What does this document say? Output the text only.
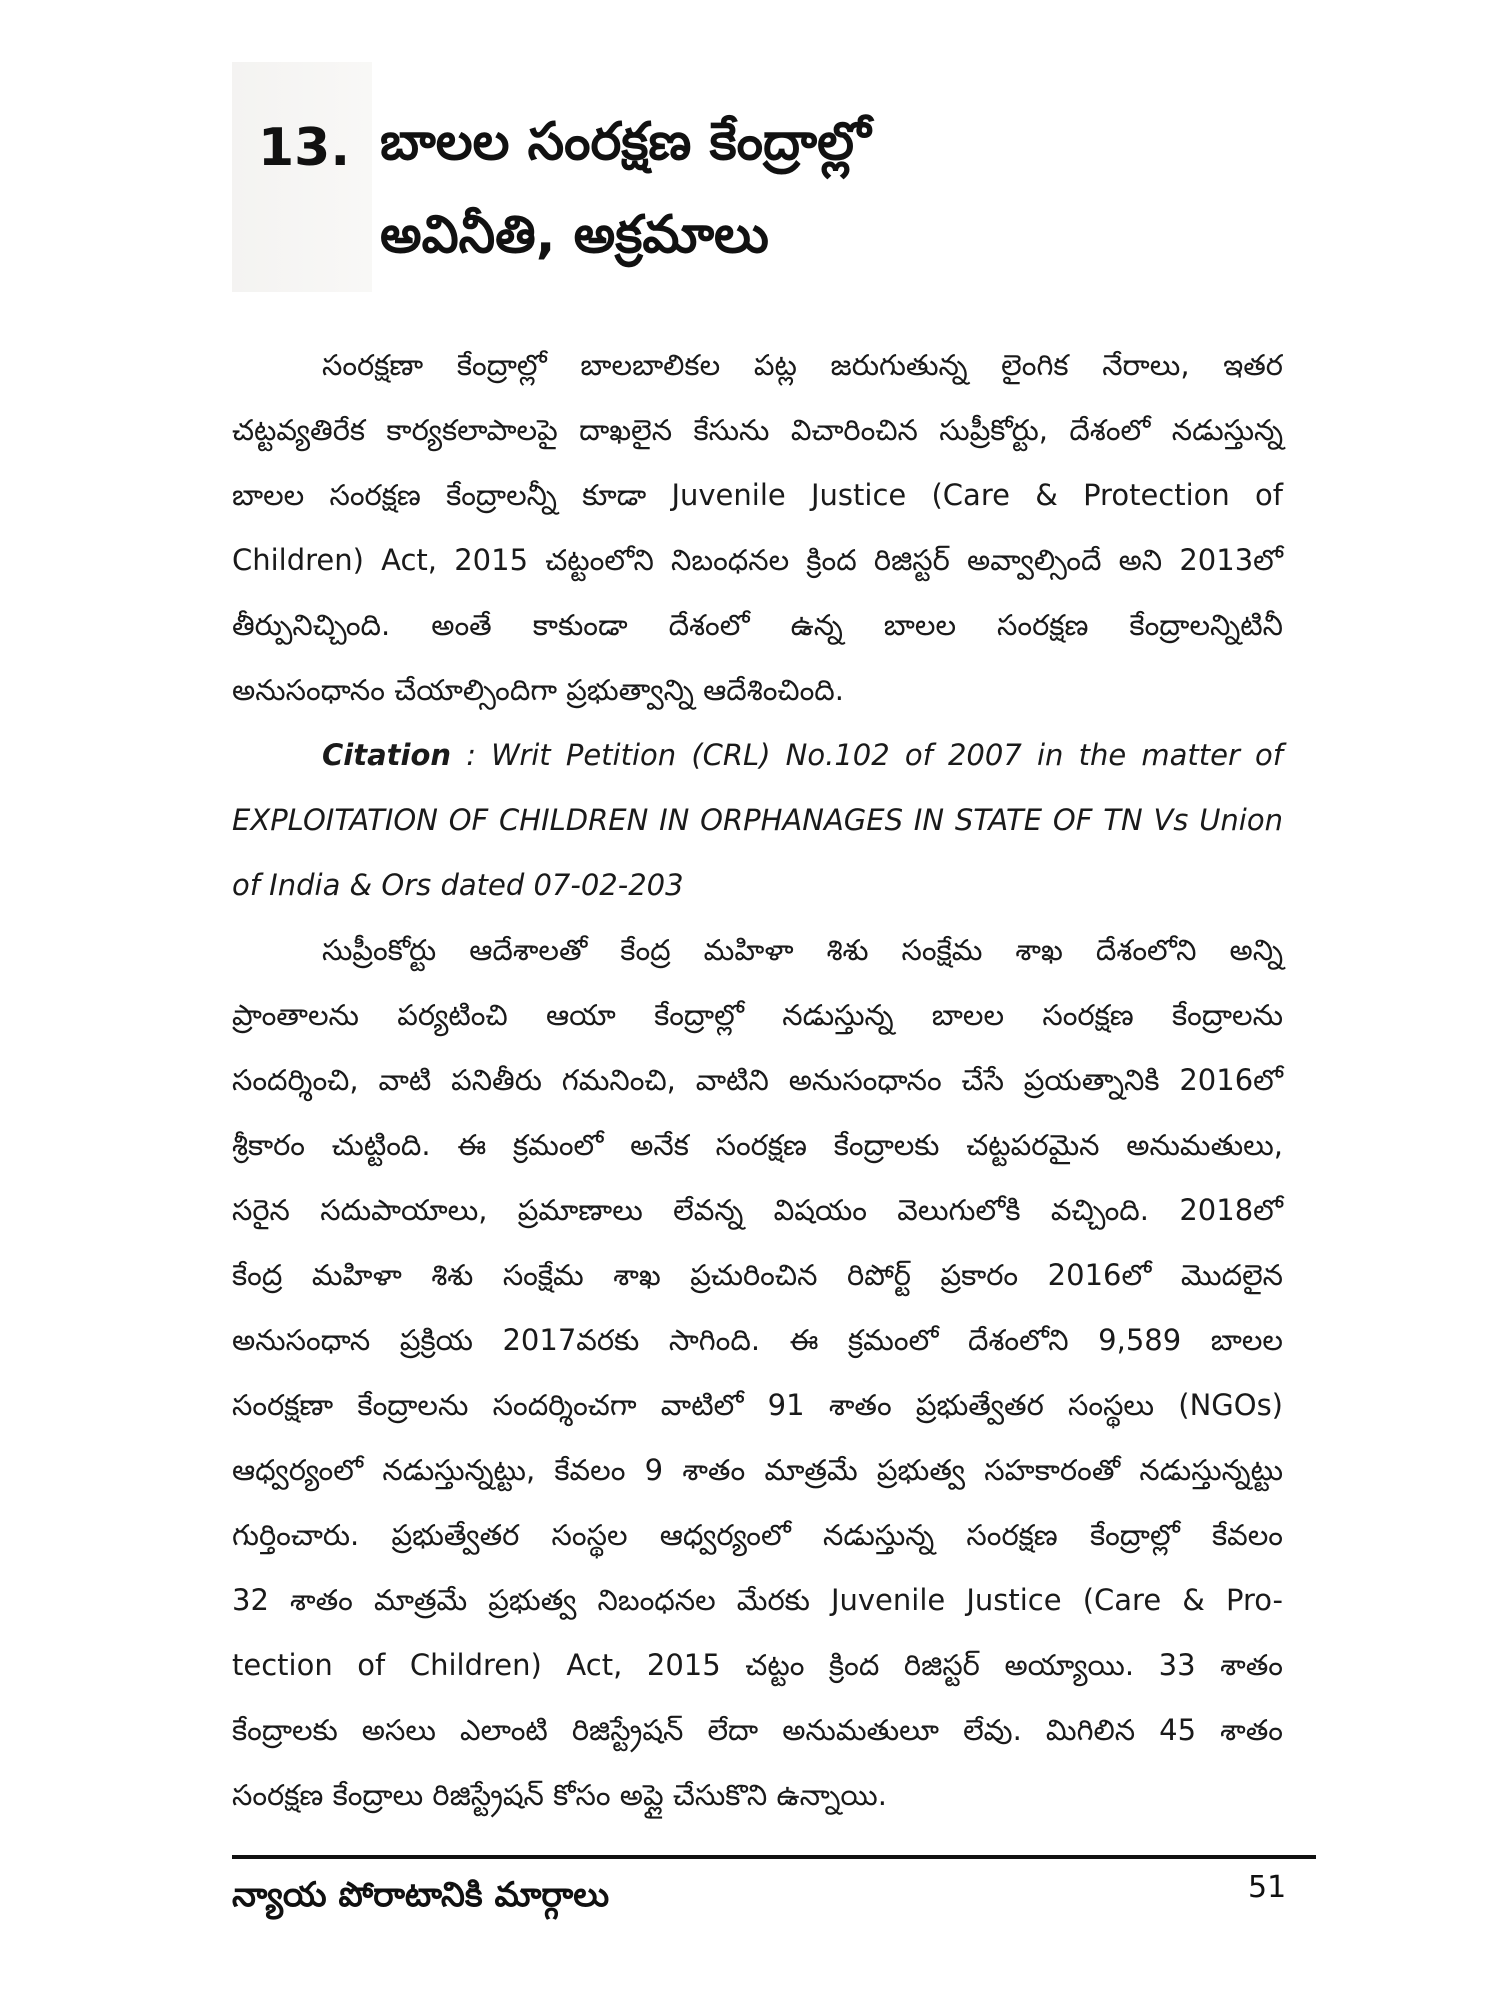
13. బాలల సంరక్షణ కేంద్రాల్లో
అవినీతి, అక్రమాలు
సంరక్షణా కేంద్రాల్లో బాలబాలికల పట్ల జరుగుతున్న లైంగిక నేరాలు, ఇతర
చట్టవ్యతిరేక కార్యకలాపాలపై దాఖలైన కేసును విచారించిన సుప్రీకోర్టు, దేశంలో నడుస్తున్న
బాలల సంరక్షణ కేంద్రాలన్నీ కూడా Juvenile Justice (Care & Protection of
Children) Act, 2015 చట్టంలోని నిబంధనల క్రింద రిజిస్టర్ అవ్వాల్సిందే అని 2013లో
తీర్పునిచ్చింది. అంతే కాకుండా దేశంలో ఉన్న బాలల సంరక్షణ కేంద్రాలన్నిటినీ
అనుసంధానం చేయాల్సిందిగా ప్రభుత్వాన్ని ఆదేశించింది.
Citation : Writ Petition (CRL) No.102 of 2007 in the matter of
EXPLOITATION OF CHILDREN IN ORPHANAGES IN STATE OF TN Vs Union
of India & Ors dated 07-02-203
సుప్రీంకోర్టు ఆదేశాలతో కేంద్ర మహిళా శిశు సంక్షేమ శాఖ దేశంలోని అన్ని
ప్రాంతాలను పర్యటించి ఆయా కేంద్రాల్లో నడుస్తున్న బాలల సంరక్షణ కేంద్రాలను
సందర్శించి, వాటి పనితీరు గమనించి, వాటిని అనుసంధానం చేసే ప్రయత్నానికి 2016లో
శ్రీకారం చుట్టింది. ఈ క్రమంలో అనేక సంరక్షణ కేంద్రాలకు చట్టపరమైన అనుమతులు,
సరైన సదుపాయాలు, ప్రమాణాలు లేవన్న విషయం వెలుగులోకి వచ్చింది. 2018లో
కేంద్ర మహిళా శిశు సంక్షేమ శాఖ ప్రచురించిన రిపోర్ట్ ప్రకారం 2016లో మొదలైన
అనుసంధాన ప్రక్రియ 2017వరకు సాగింది. ఈ క్రమంలో దేశంలోని 9,589 బాలల
సంరక్షణా కేంద్రాలను సందర్శించగా వాటిలో 91 శాతం ప్రభుత్వేతర సంస్థలు (NGOs)
ఆధ్వర్యంలో నడుస్తున్నట్టు, కేవలం 9 శాతం మాత్రమే ప్రభుత్వ సహకారంతో నడుస్తున్నట్టు
గుర్తించారు. ప్రభుత్వేతర సంస్థల ఆధ్వర్యంలో నడుస్తున్న సంరక్షణ కేంద్రాల్లో కేవలం
32 శాతం మాత్రమే ప్రభుత్వ నిబంధనల మేరకు Juvenile Justice (Care & Pro-
tection of Children) Act, 2015 చట్టం క్రింద రిజిస్టర్ అయ్యాయి. 33 శాతం
కేంద్రాలకు అసలు ఎలాంటి రిజిస్ట్రేషన్ లేదా అనుమతులూ లేవు. మిగిలిన 45 శాతం
సంరక్షణ కేంద్రాలు రిజిస్ట్రేషన్ కోసం అప్లై చేసుకొని ఉన్నాయి.
న్యాయ పోరాటానికి మార్గాలు	51
